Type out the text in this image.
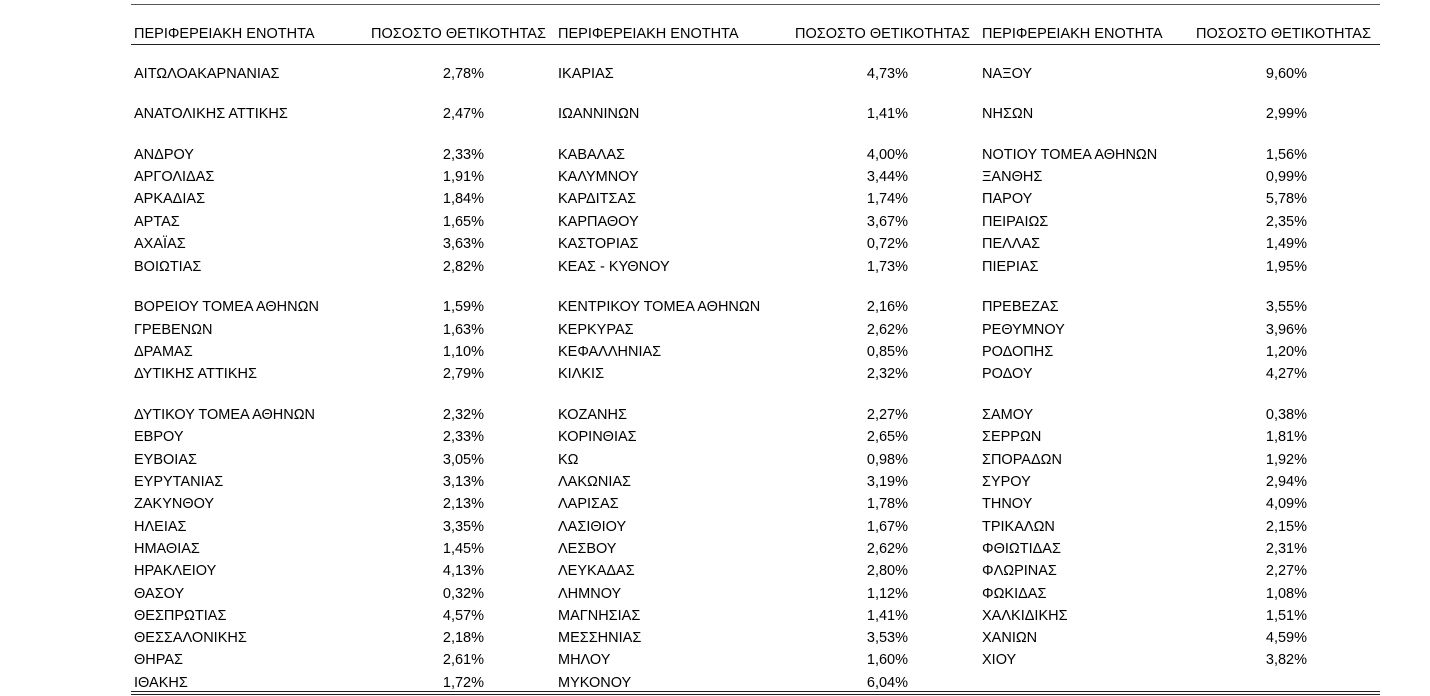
ΠΕΡΙΦΕΡΕΙΑΚΗ ΕΝΟΤΗΤΑ	ΠΟΣΟΣΤΟ ΘΕΤΙΚΟΤΗΤΑΣ
ΑΙΤΩΛΟΑΚΑΡΝΑΝΙΑΣ	2,78%
ΑΝΑΤΟΛΙΚΗΣ ΑΤΤΙΚΗΣ	2,47%
ΑΝΔΡΟΥ	2,33%
ΑΡΓΟΛΙΔΑΣ	1,91%
ΑΡΚΑΔΙΑΣ	1,84%
ΑΡΤΑΣ	1,65%
ΑΧΑΪΑΣ	3,63%
ΒΟΙΩΤΙΑΣ	2,82%
ΒΟΡΕΙΟΥ ΤΟΜΕΑ ΑΘΗΝΩΝ	1,59%
ΓΡΕΒΕΝΩΝ	1,63%
ΔΡΑΜΑΣ	1,10%
ΔΥΤΙΚΗΣ ΑΤΤΙΚΗΣ	2,79%
ΔΥΤΙΚΟΥ ΤΟΜΕΑ ΑΘΗΝΩΝ	2,32%
ΕΒΡΟΥ	2,33%
ΕΥΒΟΙΑΣ	3,05%
ΕΥΡΥΤΑΝΙΑΣ	3,13%
ΖΑΚΥΝΘΟΥ	2,13%
ΗΛΕΙΑΣ	3,35%
ΗΜΑΘΙΑΣ	1,45%
ΗΡΑΚΛΕΙΟΥ	4,13%
ΘΑΣΟΥ	0,32%
ΘΕΣΠΡΩΤΙΑΣ	4,57%
ΘΕΣΣΑΛΟΝΙΚΗΣ	2,18%
ΘΗΡΑΣ	2,61%
ΙΘΑΚΗΣ	1,72%
ΠΕΡΙΦΕΡΕΙΑΚΗ ΕΝΟΤΗΤΑ	ΠΟΣΟΣΤΟ ΘΕΤΙΚΟΤΗΤΑΣ
ΙΚΑΡΙΑΣ	4,73%
ΙΩΑΝΝΙΝΩΝ	1,41%
ΚΑΒΑΛΑΣ	4,00%
ΚΑΛΥΜΝΟΥ	3,44%
ΚΑΡΔΙΤΣΑΣ	1,74%
ΚΑΡΠΑΘΟΥ	3,67%
ΚΑΣΤΟΡΙΑΣ	0,72%
ΚΕΑΣ - ΚΥΘΝΟΥ	1,73%
ΚΕΝΤΡΙΚΟΥ ΤΟΜΕΑ ΑΘΗΝΩΝ	2,16%
ΚΕΡΚΥΡΑΣ	2,62%
ΚΕΦΑΛΛΗΝΙΑΣ	0,85%
ΚΙΛΚΙΣ	2,32%
ΚΟΖΑΝΗΣ	2,27%
ΚΟΡΙΝΘΙΑΣ	2,65%
ΚΩ	0,98%
ΛΑΚΩΝΙΑΣ	3,19%
ΛΑΡΙΣΑΣ	1,78%
ΛΑΣΙΘΙΟΥ	1,67%
ΛΕΣΒΟΥ	2,62%
ΛΕΥΚΑΔΑΣ	2,80%
ΛΗΜΝΟΥ	1,12%
ΜΑΓΝΗΣΙΑΣ	1,41%
ΜΕΣΣΗΝΙΑΣ	3,53%
ΜΗΛΟΥ	1,60%
ΜΥΚΟΝΟΥ	6,04%
ΠΕΡΙΦΕΡΕΙΑΚΗ ΕΝΟΤΗΤΑ ΠΟΣΟΣΤΟ ΘΕΤΙΚΟΤΗΤΑΣ
ΝΑΞΟΥ	9,60%
ΝΗΣΩΝ	2,99%
ΝΟΤΙΟΥ ΤΟΜΕΑ ΑΘΗΝΩΝ	1,56%
ΞΑΝΘΗΣ	0,99%
ΠΑΡΟΥ	5,78%
ΠΕΙΡΑΙΩΣ	2,35%
ΠΕΛΛΑΣ	1,49%
ΠΙΕΡΙΑΣ	1,95%
ΠΡΕΒΕΖΑΣ	3,55%
ΡΕΘΥΜΝΟΥ	3,96%
ΡΟΔΟΠΗΣ	1,20%
ΡΟΔΟΥ	4,27%
ΣΑΜΟΥ	0,38%
ΣΕΡΡΩΝ	1,81%
ΣΠΟΡΑΔΩΝ	1,92%
ΣΥΡΟΥ	2,94%
ΤΗΝΟΥ	4,09%
ΤΡΙΚΑΛΩΝ	2,15%
ΦΘΙΩΤΙΔΑΣ	2,31%
ΦΛΩΡΙΝΑΣ	2,27%
ΦΩΚΙΔΑΣ	1,08%
ΧΑΛΚΙΔΙΚΗΣ	1,51%
ΧΑΝΙΩΝ	4,59%
ΧΙΟΥ	3,82%
